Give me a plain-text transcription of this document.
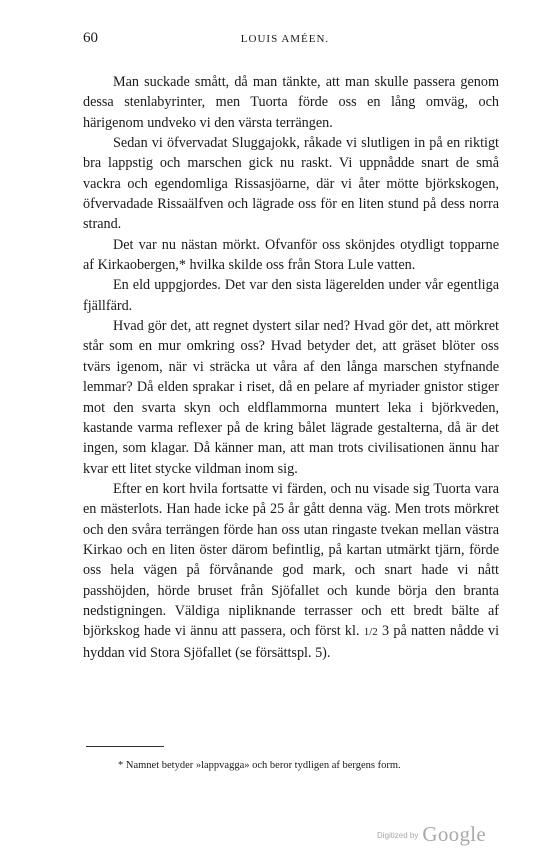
60	LOUIS AMÉEN.

Man suckade smått, då man tänkte, att man skulle passera genom dessa stenlabyrinter, men Tuorta förde oss en lång omväg, och härigenom undveko vi den värsta terrängen.

Sedan vi öfvervadat Sluggajokk, råkade vi slutligen in på en riktigt bra lappstig och marschen gick nu raskt. Vi uppnådde snart de små vackra och egendomliga Rissasjöarne, där vi åter mötte björkskogen, öfvervadade Rissaälfven och lägrade oss för en liten stund på dess norra strand.

Det var nu nästan mörkt. Ofvanför oss skönjdes otydligt topparne af Kirkaobergen,* hvilka skilde oss från Stora Lule vatten.

En eld uppgjordes. Det var den sista lägerelden under vår egentliga fjällfärd.

Hvad gör det, att regnet dystert silar ned? Hvad gör det, att mörkret står som en mur omkring oss? Hvad betyder det, att gräset blöter oss tvärs igenom, när vi sträcka ut våra af den långa marschen styfnande lemmar? Då elden sprakar i riset, då en pelare af myriader gnistor stiger mot den svarta skyn och eldflammorna muntert leka i björkveden, kastande varma reflexer på de kring bålet lägrade gestalterna, då är det ingen, som klagar. Då känner man, att man trots civilisationen ännu har kvar ett litet stycke vildman inom sig.

Efter en kort hvila fortsatte vi färden, och nu visade sig Tuorta vara en mästerlots. Han hade icke på 25 år gått denna väg. Men trots mörkret och den svåra terrängen förde han oss utan ringaste tvekan mellan västra Kirkao och en liten öster därom befintlig, på kartan utmärkt tjärn, förde oss hela vägen på förvånande god mark, och snart hade vi nått passhöjden, hörde bruset från Sjöfallet och kunde börja den branta nedstigningen. Väldiga nipliknande terrasser och ett bredt bälte af björkskog hade vi ännu att passera, och först kl. 1/2 3 på natten nådde vi hyddan vid Stora Sjöfallet (se försättspl. 5).

* Namnet betyder »lappvagga» och beror tydligen af bergens form.
Digitized by Google
